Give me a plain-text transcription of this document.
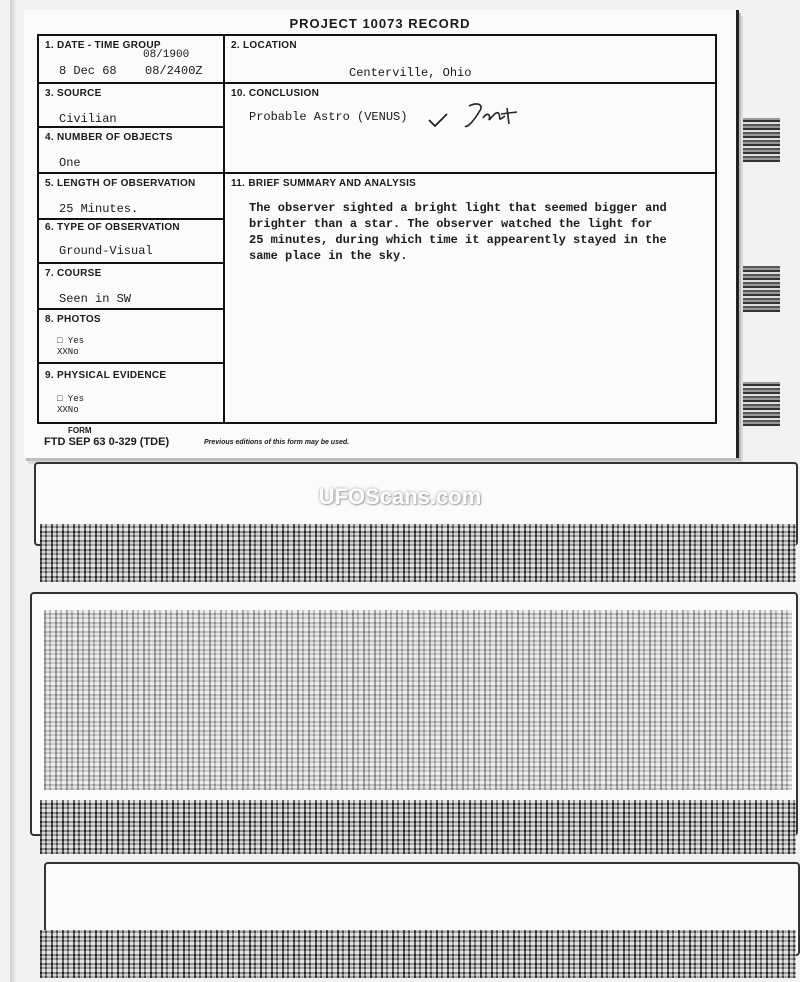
PROJECT 10073 RECORD
1. DATE - TIME GROUP
08/1900
8 Dec 68 08/2400Z
2. LOCATION
Centerville, Ohio
3. SOURCE
Civilian
10. CONCLUSION
Probable Astro (VENUS)
4. NUMBER OF OBJECTS
One
5. LENGTH OF OBSERVATION
25 Minutes.
11. BRIEF SUMMARY AND ANALYSIS
The observer sighted a bright light that seemed bigger and
brighter than a star. The observer watched the light for
25 minutes, during which time it appearently stayed in the
same place in the sky.
6. TYPE OF OBSERVATION
Ground-Visual
7. COURSE
Seen in SW
8. PHOTOS
□ Yes
XXNo
9. PHYSICAL EVIDENCE
□ Yes
XXNo
FORM
FTD SEP 63 0-329 (TDE)	Previous editions of this form may be used.
UFOScans.com
